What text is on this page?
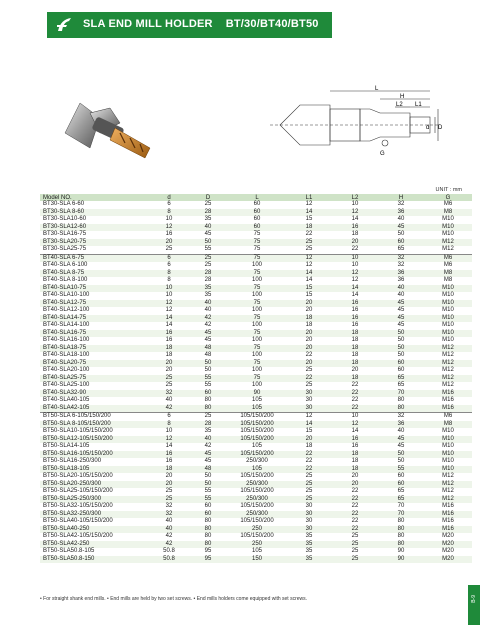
SLA END MILL HOLDER BT/30/BT40/BT50
TAIWAN
L
H
L2 L1
d D
G
UNIT : mm
Model NO.	d	D	L	L1	L2	H	G
BT30-SLA 6-60	6	25	60	12	10	32	M6
BT30-SLA 8-60	8	28	60	14	12	36	M8
BT30-SLA10-60	10	35	60	15	14	40	M10
BT30-SLA12-60	12	40	60	18	16	45	M10
BT30-SLA16-75	16	45	75	22	18	50	M10
BT30-SLA20-75	20	50	75	25	20	60	M12
BT30-SLA25-75	25	55	75	25	22	65	M12
BT40-SLA 6-75	6	25	75	12	10	32	M6
BT40-SLA 6-100	6	25	100	12	10	32	M6
BT40-SLA 8-75	8	28	75	14	12	36	M8
BT40-SLA 8-100	8	28	100	14	12	36	M8
BT40-SLA10-75	10	35	75	15	14	40	M10
BT40-SLA10-100	10	35	100	15	14	40	M10
BT40-SLA12-75	12	40	75	20	16	45	M10
BT40-SLA12-100	12	40	100	20	16	45	M10
BT40-SLA14-75	14	42	75	18	16	45	M10
BT40-SLA14-100	14	42	100	18	16	45	M10
BT40-SLA16-75	16	45	75	20	18	50	M10
BT40-SLA16-100	16	45	100	20	18	50	M10
BT40-SLA18-75	18	48	75	20	18	50	M12
BT40-SLA18-100	18	48	100	22	18	50	M12
BT40-SLA20-75	20	50	75	20	18	60	M12
BT40-SLA20-100	20	50	100	25	20	60	M12
BT40-SLA25-75	25	55	75	22	18	65	M12
BT40-SLA25-100	25	55	100	25	22	65	M12
BT40-SLA32-90	32	60	90	30	22	70	M16
BT40-SLA40-105	40	80	105	30	22	80	M16
BT40-SLA42-105	42	80	105	30	22	80	M16
BT50-SLA 6-105/150/200	6	25	105/150/200	12	10	32	M6
BT50-SLA 8-105/150/200	8	28	105/150/200	14	12	36	M8
BT50-SLA10-105/150/200	10	35	105/150/200	15	14	40	M10
BT50-SLA12-105/150/200	12	40	105/150/200	20	16	45	M10
BT50-SLA14-105	14	42	105	18	16	45	M10
BT50-SLA16-105/150/200	16	45	105/150/200	22	18	50	M10
BT50-SLA16-250/300	16	45	250/300	22	18	50	M10
BT50-SLA18-105	18	48	105	22	18	55	M10
BT50-SLA20-105/150/200	20	50	105/150/200	25	20	60	M12
BT50-SLA20-250/300	20	50	250/300	25	20	60	M12
BT50-SLA25-105/150/200	25	55	105/150/200	25	22	65	M12
BT50-SLA25-250/300	25	55	250/300	25	22	65	M12
BT50-SLA32-105/150/200	32	60	105/150/200	30	22	70	M16
BT50-SLA32-250/300	32	60	250/300	30	22	70	M16
BT50-SLA40-105/150/200	40	80	105/150/200	30	22	80	M16
BT50-SLA40-250	40	80	250	30	22	80	M16
BT50-SLA42-105/150/200	42	80	105/150/200	35	25	80	M20
BT50-SLA42-250	42	80	250	35	25	80	M20
BT50-SLA50.8-105	50.8	95	105	35	25	90	M20
BT50-SLA50.8-150	50.8	95	150	35	25	90	M20
• For straight shank end mills. • End mills are held by two set screws. • End mills holders come equipped with set screws.	B-9
